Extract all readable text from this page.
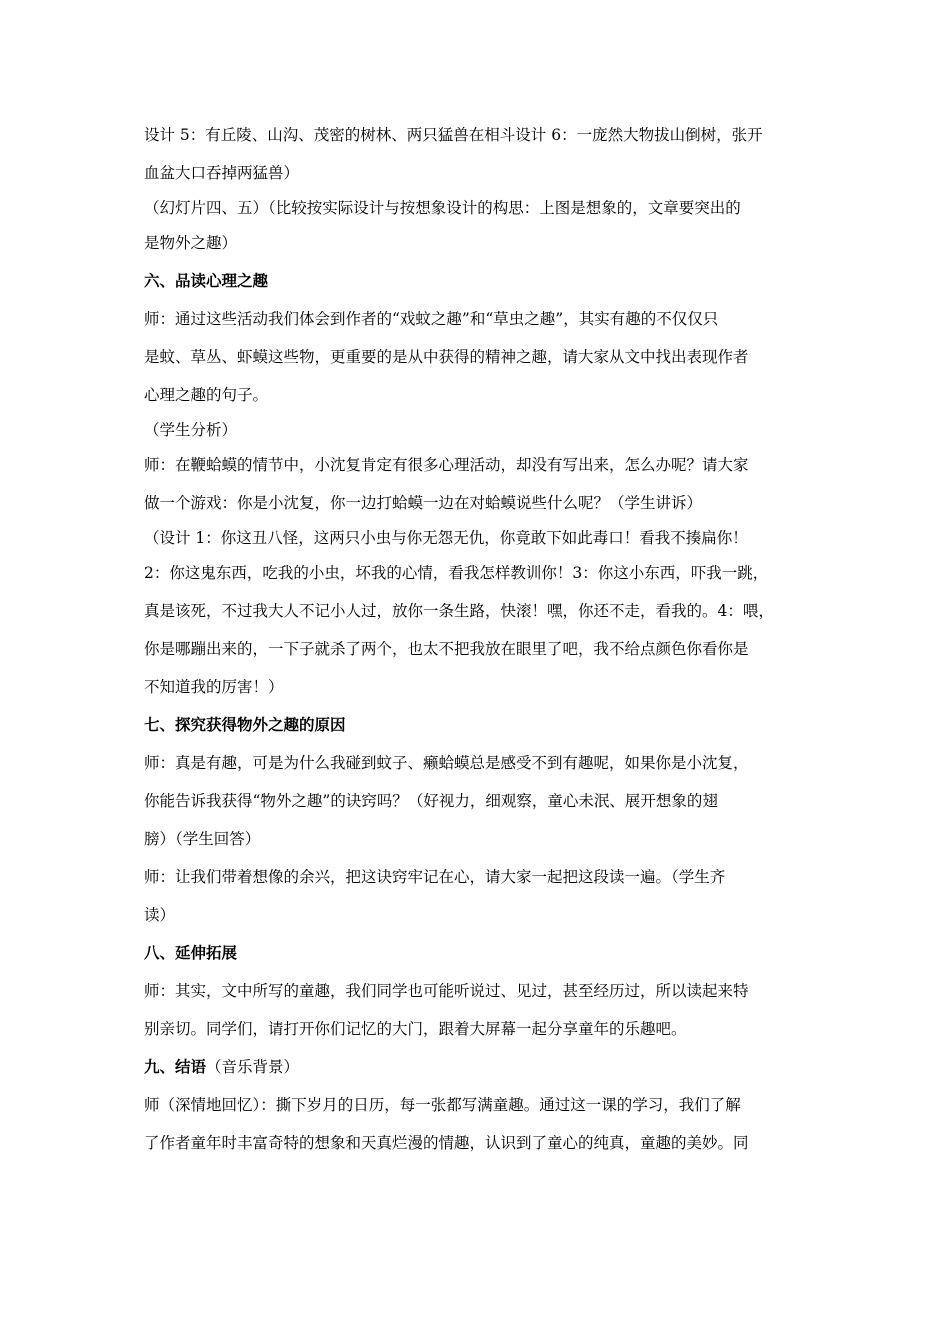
设计 5：有丘陵、山沟、茂密的树林、两只猛兽在相斗设计 6：一庞然大物拔山倒树，张开
血盆大口吞掉两猛兽）
（幻灯片四、五）（比较按实际设计与按想象设计的构思：上图是想象的，文章要突出的
是物外之趣）
六、品读心理之趣
师：通过这些活动我们体会到作者的“戏蚊之趣”和“草虫之趣”，其实有趣的不仅仅只
是蚊、草丛、虾蟆这些物，更重要的是从中获得的精神之趣，请大家从文中找出表现作者
心理之趣的句子。
（学生分析）
师：在鞭蛤蟆的情节中，小沈复肯定有很多心理活动，却没有写出来，怎么办呢？请大家
做一个游戏：你是小沈复，你一边打蛤蟆一边在对蛤蟆说些什么呢？（学生讲诉）
（设计 1：你这丑八怪，这两只小虫与你无怨无仇，你竟敢下如此毒口！看我不揍扁你！
2：你这鬼东西，吃我的小虫，坏我的心情，看我怎样教训你！3：你这小东西，吓我一跳，
真是该死，不过我大人不记小人过，放你一条生路，快滚！嘿，你还不走，看我的。4：喂，
你是哪蹦出来的，一下子就杀了两个，也太不把我放在眼里了吧，我不给点颜色你看你是
不知道我的厉害！）
七、探究获得物外之趣的原因
师：真是有趣，可是为什么我碰到蚊子、癞蛤蟆总是感受不到有趣呢，如果你是小沈复，
你能告诉我获得“物外之趣”的诀窍吗？（好视力，细观察，童心未泯、展开想象的翅
膀）（学生回答）
师：让我们带着想像的余兴，把这诀窍牢记在心，请大家一起把这段读一遍。（学生齐
读）
八、延伸拓展
师：其实，文中所写的童趣，我们同学也可能听说过、见过，甚至经历过，所以读起来特
别亲切。同学们，请打开你们记忆的大门，跟着大屏幕一起分享童年的乐趣吧。
九、结语（音乐背景）
师（深情地回忆）：撕下岁月的日历，每一张都写满童趣。通过这一课的学习，我们了解
了作者童年时丰富奇特的想象和天真烂漫的情趣，认识到了童心的纯真，童趣的美妙。同
